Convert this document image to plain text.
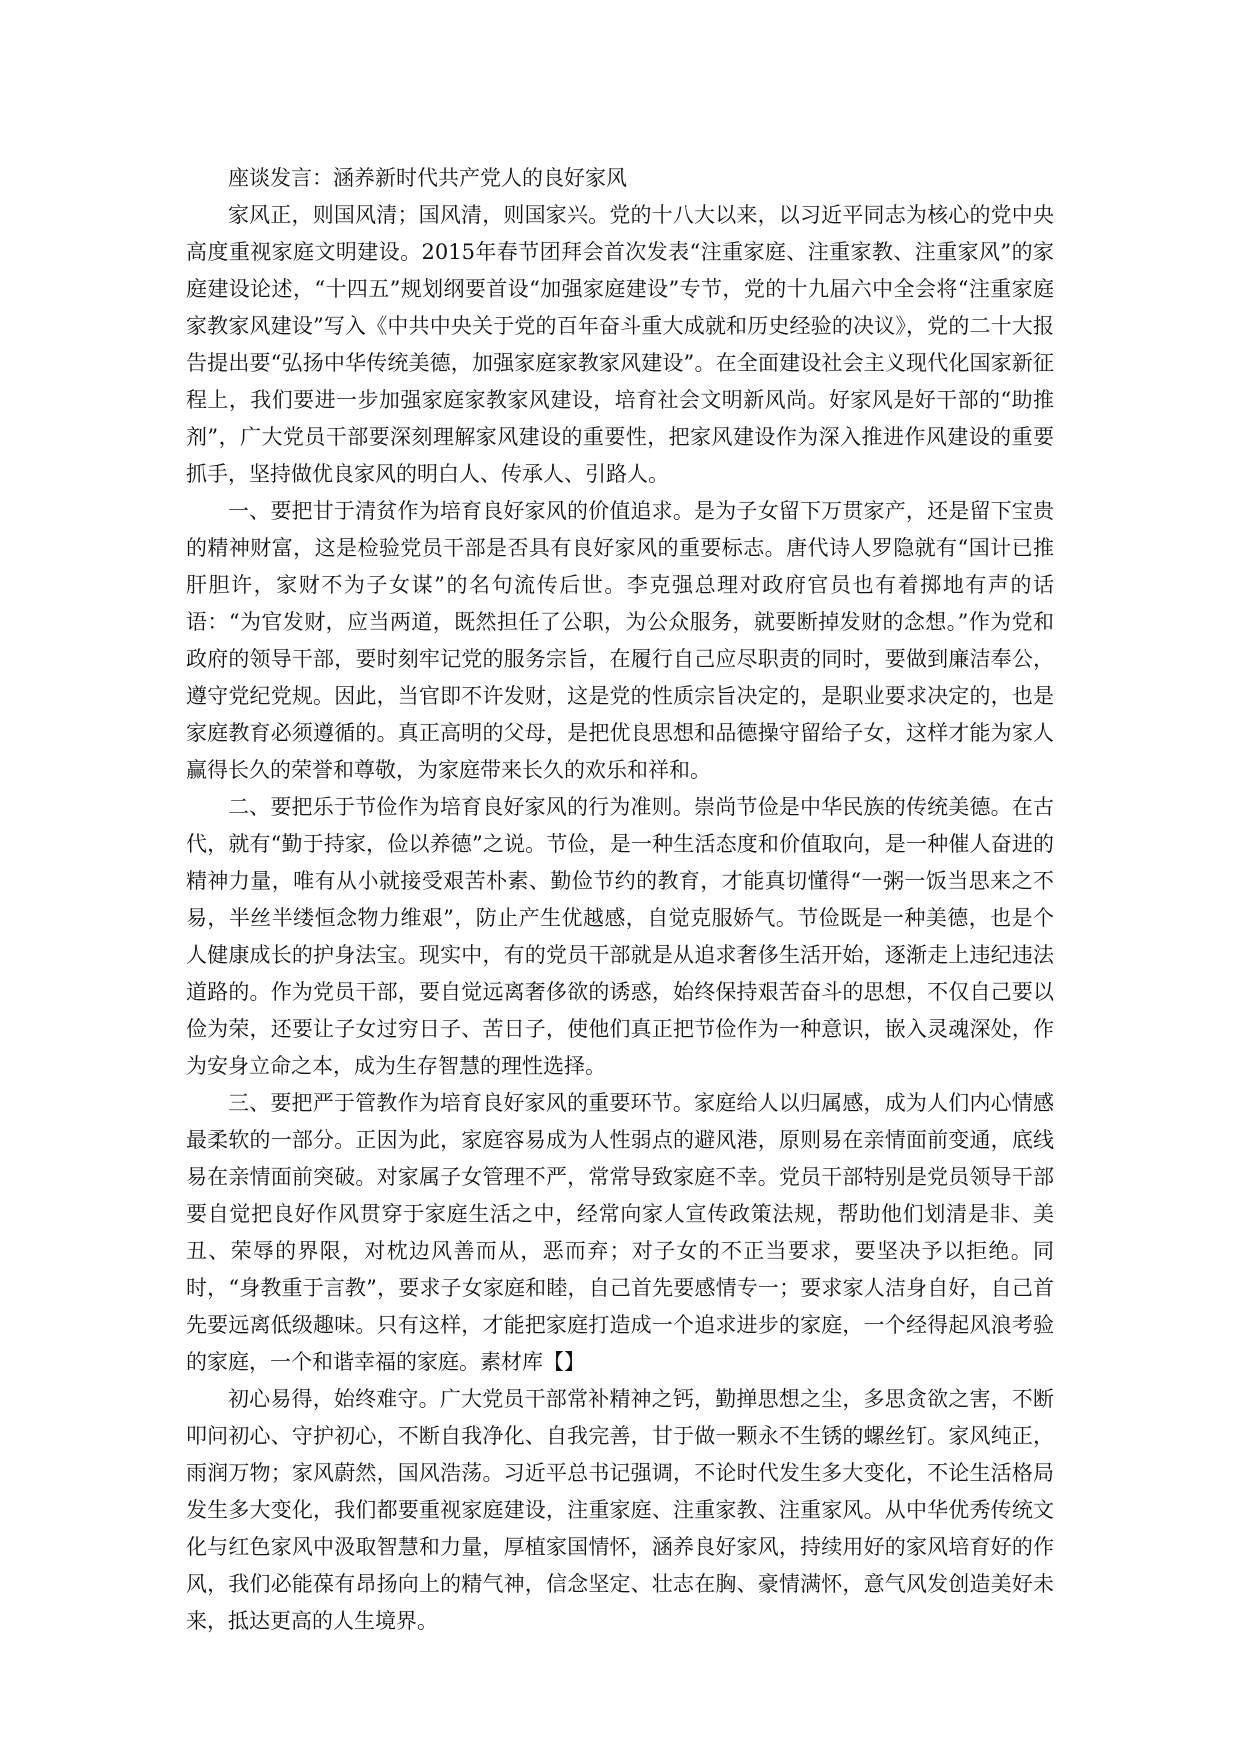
座谈发言：涵养新时代共产党人的良好家风

家风正，则国风清；国风清，则国家兴。党的十八大以来，以习近平同志为核心的党中央高度重视家庭文明建设。2015年春节团拜会首次发表“注重家庭、注重家教、注重家风”的家庭建设论述，“十四五”规划纲要首设“加强家庭建设”专节，党的十九届六中全会将“注重家庭家教家风建设”写入《中共中央关于党的百年奋斗重大成就和历史经验的决议》，党的二十大报告提出要“弘扬中华传统美德，加强家庭家教家风建设”。在全面建设社会主义现代化国家新征程上，我们要进一步加强家庭家教家风建设，培育社会文明新风尚。好家风是好干部的“助推剂”，广大党员干部要深刻理解家风建设的重要性，把家风建设作为深入推进作风建设的重要抓手，坚持做优良家风的明白人、传承人、引路人。

一、要把甘于清贫作为培育良好家风的价值追求。是为子女留下万贯家产，还是留下宝贵的精神财富，这是检验党员干部是否具有良好家风的重要标志。唐代诗人罗隐就有“国计已推肝胆许，家财不为子女谋”的名句流传后世。李克强总理对政府官员也有着掷地有声的话语：“为官发财，应当两道，既然担任了公职，为公众服务，就要断掉发财的念想。”作为党和政府的领导干部，要时刻牢记党的服务宗旨，在履行自己应尽职责的同时，要做到廉洁奉公，遵守党纪党规。因此，当官即不许发财，这是党的性质宗旨决定的，是职业要求决定的，也是家庭教育必须遵循的。真正高明的父母，是把优良思想和品德操守留给子女，这样才能为家人赢得长久的荣誉和尊敬，为家庭带来长久的欢乐和祥和。

二、要把乐于节俭作为培育良好家风的行为准则。崇尚节俭是中华民族的传统美德。在古代，就有“勤于持家，俭以养德”之说。节俭，是一种生活态度和价值取向，是一种催人奋进的精神力量，唯有从小就接受艰苦朴素、勤俭节约的教育，才能真切懂得“一粥一饭当思来之不易，半丝半缕恒念物力维艰”，防止产生优越感，自觉克服娇气。节俭既是一种美德，也是个人健康成长的护身法宝。现实中，有的党员干部就是从追求奢侈生活开始，逐渐走上违纪违法道路的。作为党员干部，要自觉远离奢侈欲的诱惑，始终保持艰苦奋斗的思想，不仅自己要以俭为荣，还要让子女过穷日子、苦日子，使他们真正把节俭作为一种意识，嵌入灵魂深处，作为安身立命之本，成为生存智慧的理性选择。

三、要把严于管教作为培育良好家风的重要环节。家庭给人以归属感，成为人们内心情感最柔软的一部分。正因为此，家庭容易成为人性弱点的避风港，原则易在亲情面前变通，底线易在亲情面前突破。对家属子女管理不严，常常导致家庭不幸。党员干部特别是党员领导干部要自觉把良好作风贯穿于家庭生活之中，经常向家人宣传政策法规，帮助他们划清是非、美丑、荣辱的界限，对枕边风善而从，恶而弃；对子女的不正当要求，要坚决予以拒绝。同时，“身教重于言教”，要求子女家庭和睦，自己首先要感情专一；要求家人洁身自好，自己首先要远离低级趣味。只有这样，才能把家庭打造成一个追求进步的家庭，一个经得起风浪考验的家庭，一个和谐幸福的家庭。素材库【】

初心易得，始终难守。广大党员干部常补精神之钙，勤掸思想之尘，多思贪欲之害，不断叩问初心、守护初心，不断自我净化、自我完善，甘于做一颗永不生锈的螺丝钉。家风纯正，雨润万物；家风蔚然，国风浩荡。习近平总书记强调，不论时代发生多大变化，不论生活格局发生多大变化，我们都要重视家庭建设，注重家庭、注重家教、注重家风。从中华优秀传统文化与红色家风中汲取智慧和力量，厚植家国情怀，涵养良好家风，持续用好的家风培育好的作风，我们必能葆有昂扬向上的精气神，信念坚定、壮志在胸、豪情满怀，意气风发创造美好未来，抵达更高的人生境界。
